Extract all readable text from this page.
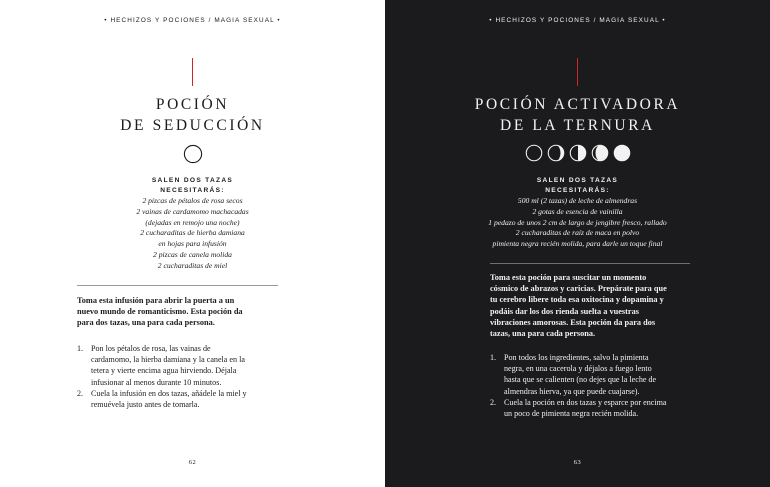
• HECHIZOS Y POCIONES / MAGIA SEXUAL •
POCIÓN
DE SEDUCCIÓN
SALEN DOS TAZAS
NECESITARÁS:
2 pizcas de pétalos de rosa secos
2 vainas de cardamomo machacadas
(dejadas en remojo una noche)
2 cucharaditas de hierba damiana
en hojas para infusión
2 pizcas de canela molida
2 cucharaditas de miel
Toma esta infusión para abrir la puerta a un
nuevo mundo de romanticismo. Esta poción da
para dos tazas, una para cada persona.
1. Pon los pétalos de rosa, las vainas de
cardamomo, la hierba damiana y la canela en la
tetera y vierte encima agua hirviendo. Déjala
infusionar al menos durante 10 minutos.
2. Cuela la infusión en dos tazas, añádele la miel y
remuévela justo antes de tomarla.
62
• HECHIZOS Y POCIONES / MAGIA SEXUAL •
POCIÓN ACTIVADORA
DE LA TERNURA
SALEN DOS TAZAS
NECESITARÁS:
500 ml (2 tazas) de leche de almendras
2 gotas de esencia de vainilla
1 pedazo de unos 2 cm de largo de jengibre fresco, rallado
2 cucharaditas de raíz de maca en polvo
pimienta negra recién molida, para darle un toque final
Toma esta poción para suscitar un momento
cósmico de abrazos y caricias. Prepárate para que
tu cerebro libere toda esa oxitocina y dopamina y
podáis dar los dos rienda suelta a vuestras
vibraciones amorosas. Esta poción da para dos
tazas, una para cada persona.
1. Pon todos los ingredientes, salvo la pimienta
negra, en una cacerola y déjalos a fuego lento
hasta que se calienten (no dejes que la leche de
almendras hierva, ya que puede cuajarse).
2. Cuela la poción en dos tazas y esparce por encima
un poco de pimienta negra recién molida.
63
